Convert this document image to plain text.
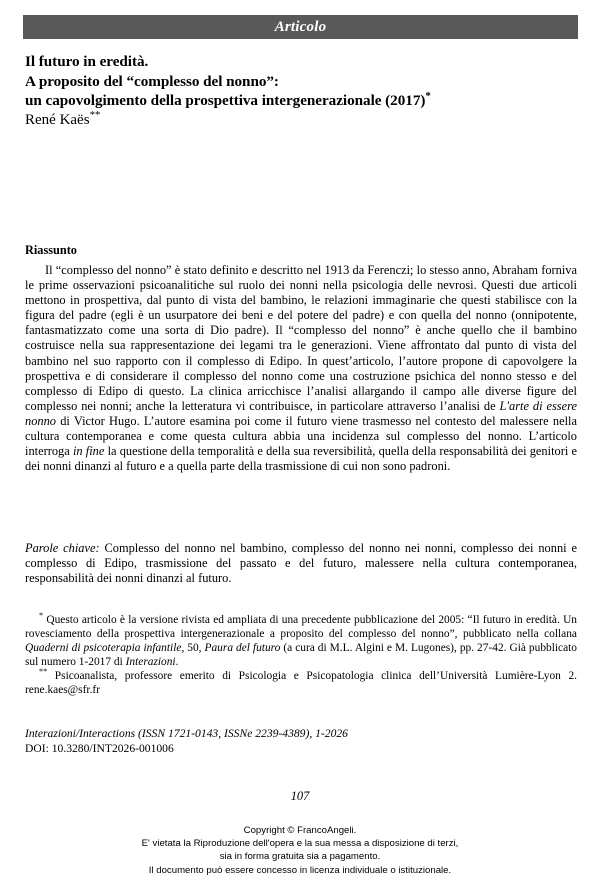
Articolo
Il futuro in eredità.
A proposito del “complesso del nonno”:
un capovolgimento della prospettiva intergenerazionale (2017)*
René Kaës**
Riassunto
Il “complesso del nonno” è stato definito e descritto nel 1913 da Ferenczi; lo stesso anno, Abraham forniva le prime osservazioni psicoanalitiche sul ruolo dei nonni nella psicologia delle nevrosi. Questi due articoli mettono in prospettiva, dal punto di vista del bambino, le relazioni immaginarie che questi stabilisce con la figura del padre (egli è un usurpatore dei beni e del potere del padre) e con quella del nonno (onnipotente, fantasmatizzato come una sorta di Dio padre). Il “complesso del nonno” è anche quello che il bambino costruisce nella sua rappresentazione dei legami tra le generazioni. Viene affrontato dal punto di vista del bambino nel suo rapporto con il complesso di Edipo. In quest’articolo, l’autore propone di capovolgere la prospettiva e di considerare il complesso del nonno come una costruzione psichica del nonno stesso e del complesso di Edipo di questo. La clinica arricchisce l’analisi allargando il campo alle diverse figure del complesso nei nonni; anche la letteratura vi contribuisce, in particolare attraverso l’analisi de L'arte di essere nonno di Victor Hugo. L’autore esamina poi come il futuro viene trasmesso nel contesto del malessere nella cultura contemporanea e come questa cultura abbia una incidenza sul complesso del nonno. L’articolo interroga in fine la questione della temporalità e della sua reversibilità, quella della responsabilità dei genitori e dei nonni dinanzi al futuro e a quella parte della trasmissione di cui non sono padroni.
Parole chiave: Complesso del nonno nel bambino, complesso del nonno nei nonni, complesso dei nonni e complesso di Edipo, trasmissione del passato e del futuro, malessere nella cultura contemporanea, responsabilità dei nonni dinanzi al futuro.

* Questo articolo è la versione rivista ed ampliata di una precedente pubblicazione del 2005: “Il futuro in eredità. Un rovesciamento della prospettiva intergenerazionale a proposito del complesso del nonno”, pubblicato nella collana Quaderni di psicoterapia infantile, 50, Paura del futuro (a cura di M.L. Algini e M. Lugones), pp. 27-42. Già pubblicato sul numero 1-2017 di Interazioni.

** Psicoanalista, professore emerito di Psicologia e Psicopatologia clinica dell’Università Lumière-Lyon 2. rene.kaes@sfr.fr

Interazioni/Interactions (ISSN 1721-0143, ISSNe 2239-4389), 1-2026
DOI: 10.3280/INT2026-001006
107
Copyright © FrancoAngeli.
E' vietata la Riproduzione dell'opera e la sua messa a disposizione di terzi,
sia in forma gratuita sia a pagamento.
Il documento può essere concesso in licenza individuale o istituzionale.
